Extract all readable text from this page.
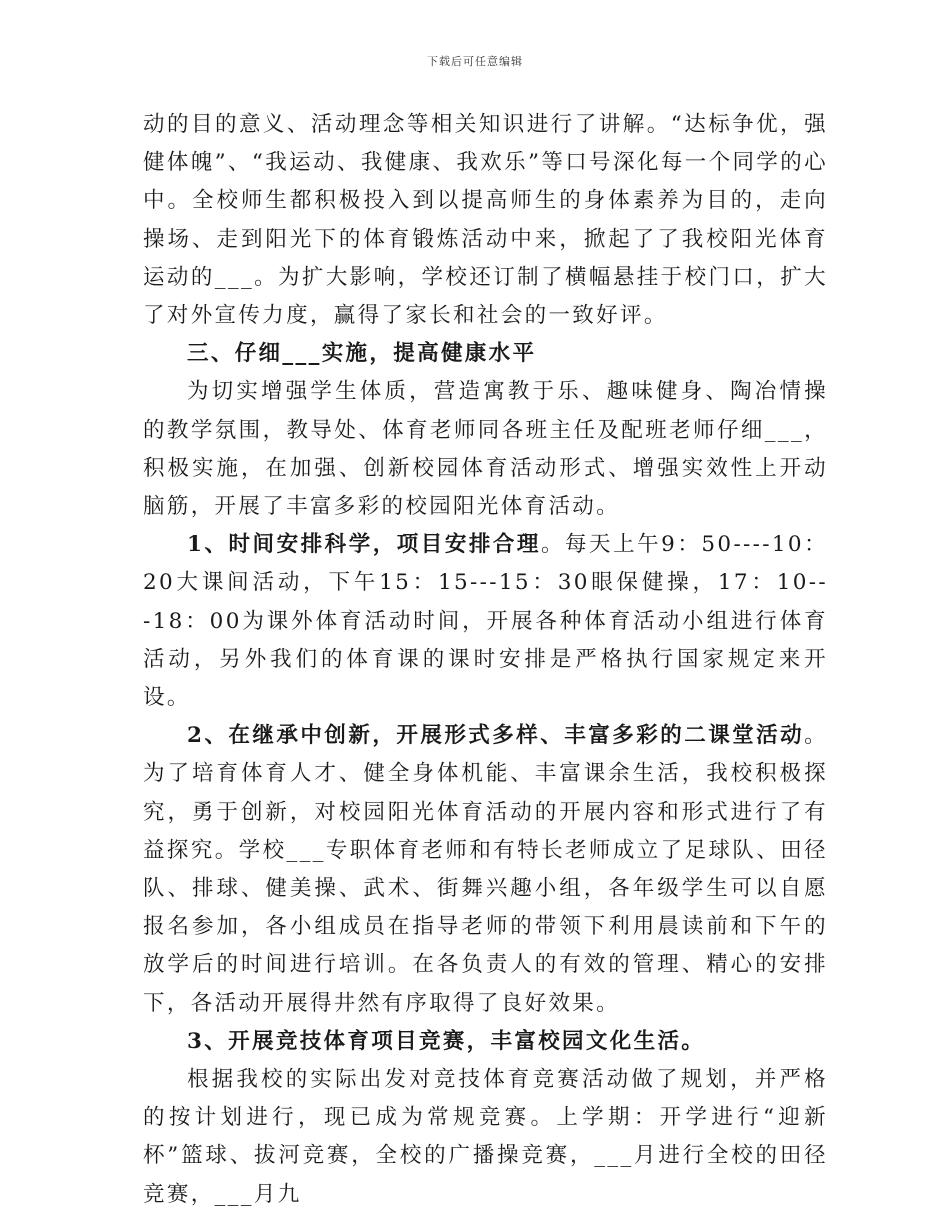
下载后可任意编辑

动的目的意义、活动理念等相关知识进行了讲解。“达标争优，强健体魄”、“我运动、我健康、我欢乐”等口号深化每一个同学的心中。全校师生都积极投入到以提高师生的身体素养为目的，走向操场、走到阳光下的体育锻炼活动中来，掀起了了我校阳光体育运动的___。为扩大影响，学校还订制了横幅悬挂于校门口，扩大了对外宣传力度，赢得了家长和社会的一致好评。

三、仔细___实施，提高健康水平

为切实增强学生体质，营造寓教于乐、趣味健身、陶冶情操的教学氛围，教导处、体育老师同各班主任及配班老师仔细___，积极实施，在加强、创新校园体育活动形式、增强实效性上开动脑筋，开展了丰富多彩的校园阳光体育活动。

1、时间安排科学，项目安排合理。每天上午9：50----10：20大课间活动，下午15：15---15：30眼保健操，17：10---18：00为课外体育活动时间，开展各种体育活动小组进行体育活动，另外我们的体育课的课时安排是严格执行国家规定来开设。

2、在继承中创新，开展形式多样、丰富多彩的二课堂活动。为了培育体育人才、健全身体机能、丰富课余生活，我校积极探究，勇于创新，对校园阳光体育活动的开展内容和形式进行了有益探究。学校___专职体育老师和有特长老师成立了足球队、田径队、排球、健美操、武术、街舞兴趣小组，各年级学生可以自愿报名参加，各小组成员在指导老师的带领下利用晨读前和下午的放学后的时间进行培训。在各负责人的有效的管理、精心的安排下，各活动开展得井然有序取得了良好效果。

3、开展竞技体育项目竞赛，丰富校园文化生活。

根据我校的实际出发对竞技体育竞赛活动做了规划，并严格的按计划进行，现已成为常规竞赛。上学期：开学进行“迎新杯”篮球、拔河竞赛，全校的广播操竞赛，___月进行全校的田径竞赛，___月九
